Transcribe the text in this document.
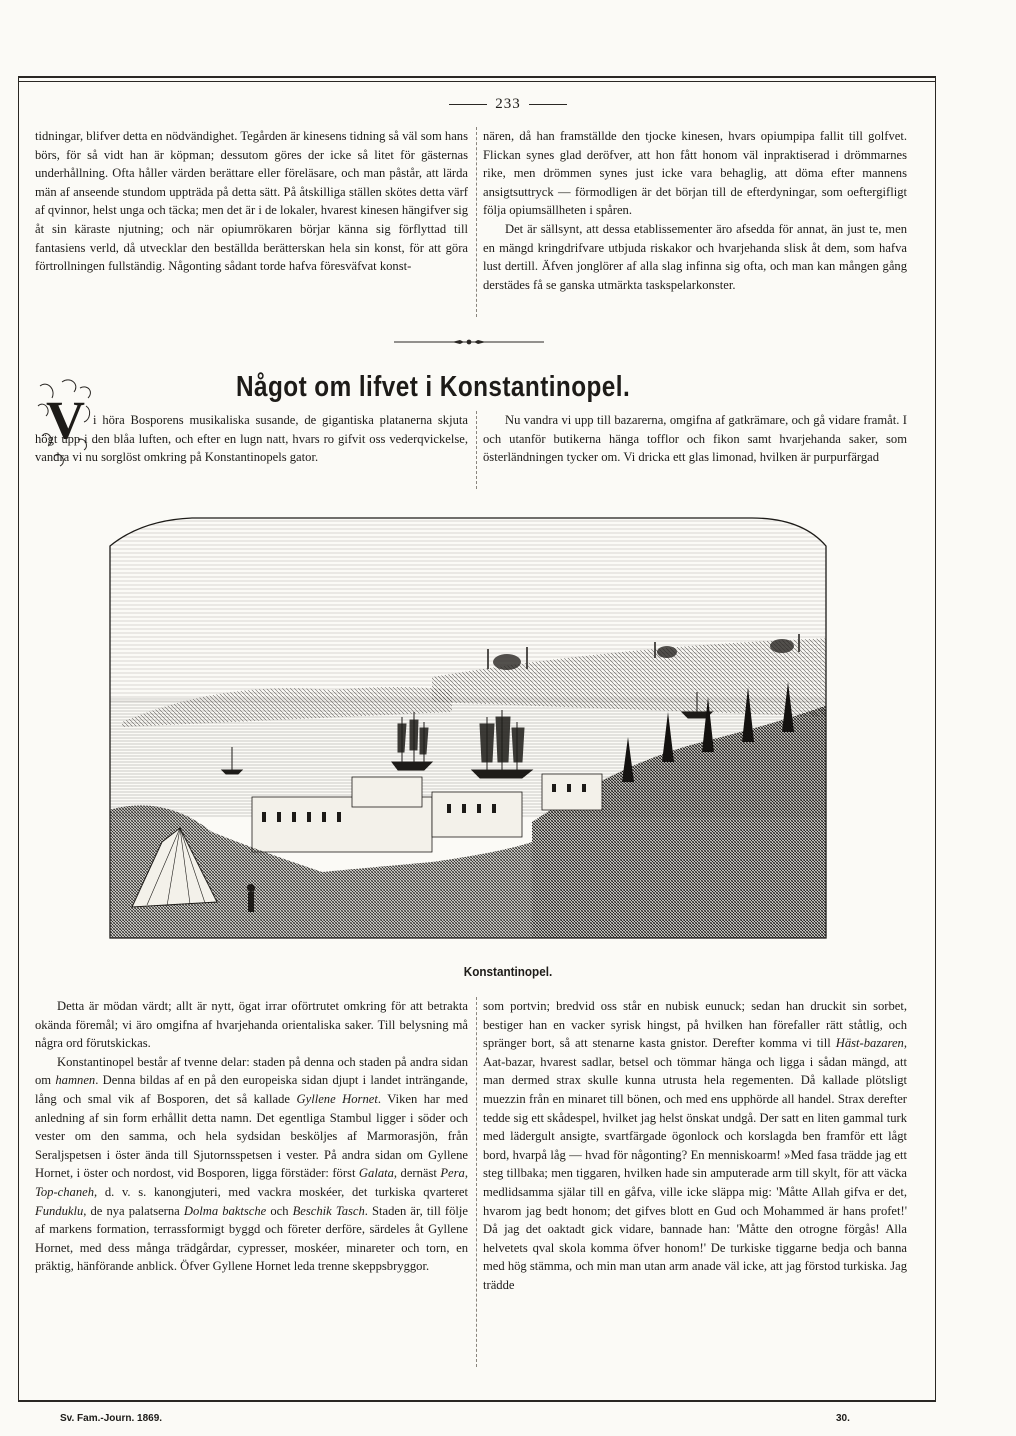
233

tidningar, blifver detta en nödvändighet. Tegården är kinesens tidning så väl som hans börs, för så vidt han är köpman; dessutom göres der icke så litet för gästernas underhållning. Ofta håller värden berättare eller föreläsare, och man påstår, att lärda män af anseende stundom uppträda på detta sätt. På åtskilliga ställen skötes detta värf af qvinnor, helst unga och täcka; men det är i de lokaler, hvarest kinesen hängifver sig åt sin käraste njutning; och när opiumrökaren börjar känna sig förflyttad till fantasiens verld, då utvecklar den beställda berätterskan hela sin konst, för att göra förtrollningen fullständig. Någonting sådant torde hafva föresväfvat konst-

nären, då han framställde den tjocke kinesen, hvars opiumpipa fallit till golfvet. Flickan synes glad deröfver, att hon fått honom väl inpraktiserad i drömmarnes rike, men drömmen synes just icke vara behaglig, att döma efter mannens ansigtsuttryck — förmodligen är det början till de efterdyningar, som oeftergifligt följa opiumsällheten i spåren.

Det är sällsynt, att dessa etablissementer äro afsedda för annat, än just te, men en mängd kringdrifvare utbjuda riskakor och hvarjehanda slisk åt dem, som hafva lust dertill. Äfven jonglörer af alla slag infinna sig ofta, och man kan mången gång derstädes få se ganska utmärkta taskspelarkonster.

Något om lifvet i Konstantinopel.
V i höra Bosporens musikaliska susande, de gigantiska platanerna skjuta högt upp i den blåa luften, och efter en lugn natt, hvars ro gifvit oss vederqvickelse, vandra vi nu sorglöst omkring på Konstantinopels gator.

Nu vandra vi upp till bazarerna, omgifna af gatkrämare, och gå vidare framåt. I och utanför butikerna hänga tofflor och fikon samt hvarjehanda saker, som österländningen tycker om. Vi dricka ett glas limonad, hvilken är purpurfärgad

Konstantinopel.

Detta är mödan värdt; allt är nytt, ögat irrar oförtrutet omkring för att betrakta okända föremål; vi äro omgifna af hvarjehanda orientaliska saker. Till belysning må några ord förutskickas.

Konstantinopel består af tvenne delar: staden på denna och staden på andra sidan om hamnen. Denna bildas af en på den europeiska sidan djupt i landet inträngande, lång och smal vik af Bosporen, det så kallade Gyllene Hornet. Viken har med anledning af sin form erhållit detta namn. Det egentliga Stambul ligger i söder och vester om den samma, och hela sydsidan besköljes af Marmorasjön, från Seraljspetsen i öster ända till Sjutornsspetsen i vester. På andra sidan om Gyllene Hornet, i öster och nordost, vid Bosporen, ligga förstäder: först Galata, dernäst Pera, Top-chaneh, d. v. s. kanongjuteri, med vackra moskéer, det turkiska qvarteret Funduklu, de nya palatserna Dolma baktsche och Beschik Tasch. Staden är, till följe af markens formation, terrassformigt byggd och företer derföre, särdeles åt Gyllene Hornet, med dess många trädgårdar, cypresser, moskéer, minareter och torn, en präktig, hänförande anblick. Öfver Gyllene Hornet leda trenne skeppsbryggor.

som portvin; bredvid oss står en nubisk eunuck; sedan han druckit sin sorbet, bestiger han en vacker syrisk hingst, på hvilken han förefaller rätt ståtlig, och spränger bort, så att stenarne kasta gnistor. Derefter komma vi till Häst-bazaren, Aat-bazar, hvarest sadlar, betsel och tömmar hänga och ligga i sådan mängd, att man dermed strax skulle kunna utrusta hela regementen. Då kallade plötsligt muezzin från en minaret till bönen, och med ens upphörde all handel. Strax derefter tedde sig ett skådespel, hvilket jag helst önskat undgå. Der satt en liten gammal turk med lädergult ansigte, svartfärgade ögonlock och korslagda ben framför ett lågt bord, hvarpå låg — hvad för någonting? En menniskoarm! »Med fasa trädde jag ett steg tillbaka; men tiggaren, hvilken hade sin amputerade arm till skylt, för att väcka medlidsamma själar till en gåfva, ville icke släppa mig: 'Måtte Allah gifva er det, hvarom jag bedt honom; det gifves blott en Gud och Mohammed är hans profet!' Då jag det oaktadt gick vidare, bannade han: 'Måtte den otrogne förgås! Alla helvetets qval skola komma öfver honom!' De turkiske tiggarne bedja och banna med hög stämma, och min man utan arm anade väl icke, att jag förstod turkiska. Jag trädde

Sv. Fam.-Journ. 1869.	30.
